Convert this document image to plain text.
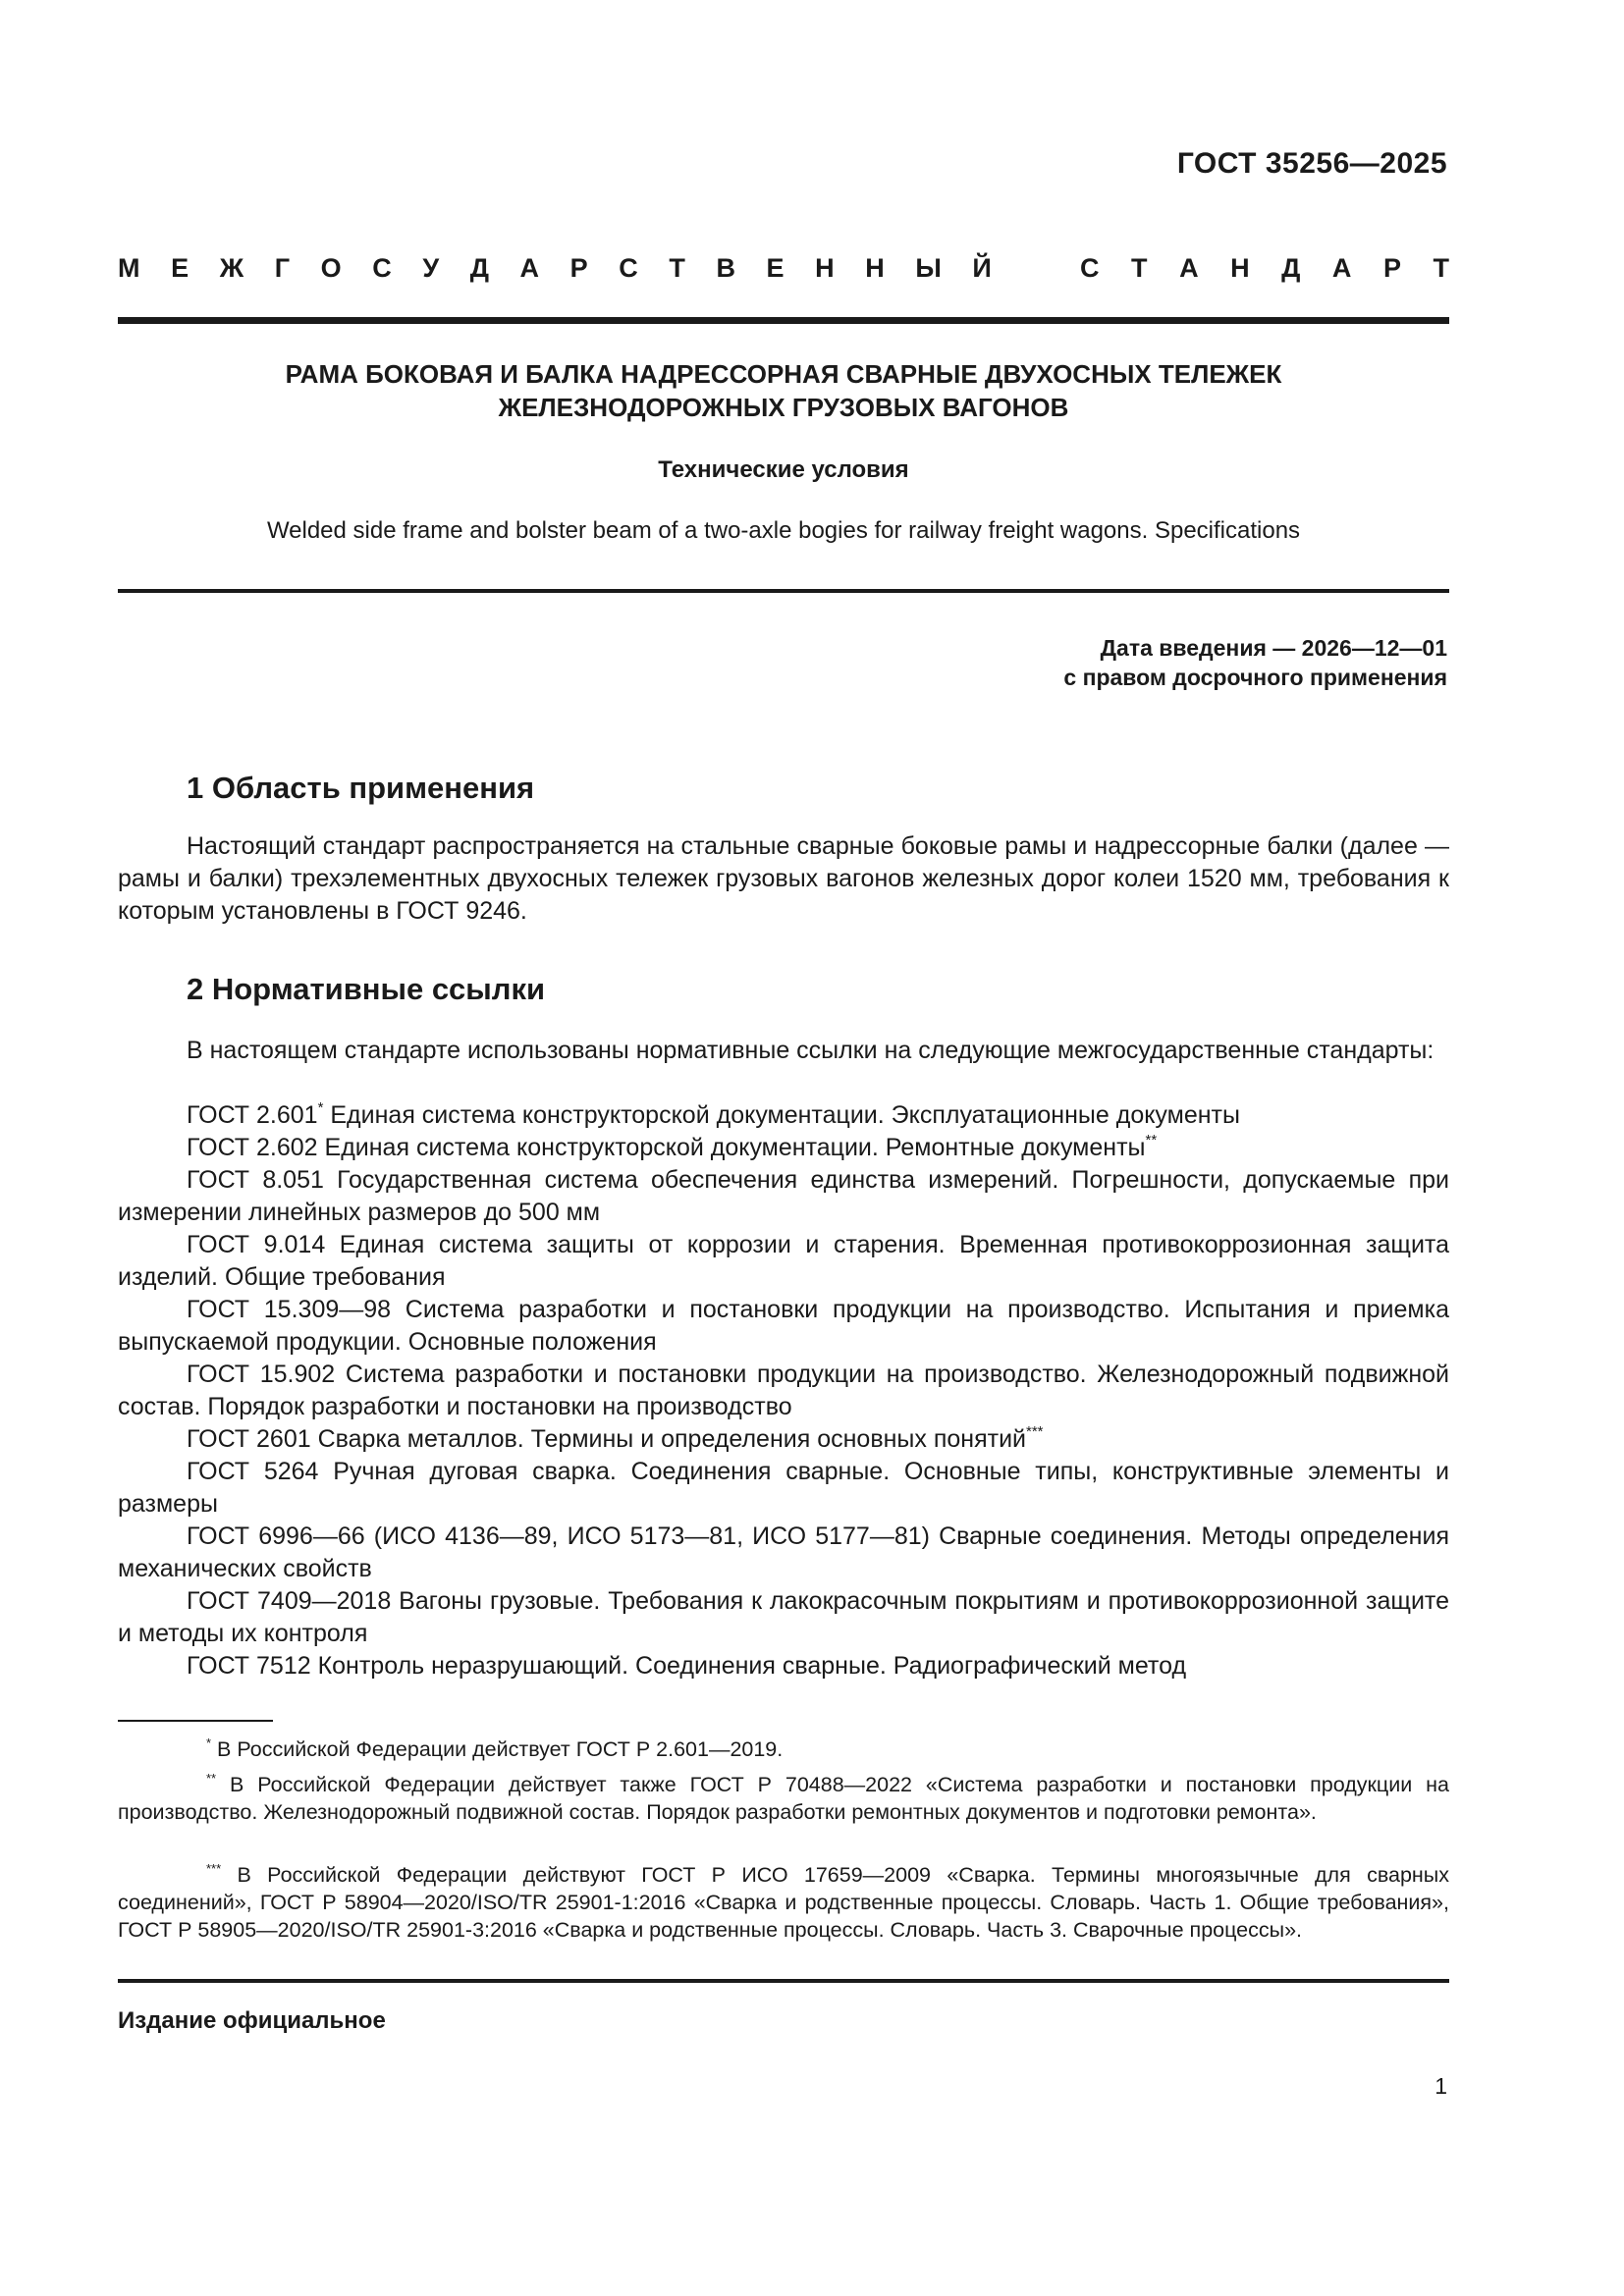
ГОСТ 35256—2025
М Е Ж Г О С У Д А Р С Т В Е Н Н Ы Й	С Т А Н Д А Р Т
РАМА БОКОВАЯ И БАЛКА НАДРЕССОРНАЯ СВАРНЫЕ ДВУХОСНЫХ ТЕЛЕЖЕК
ЖЕЛЕЗНОДОРОЖНЫХ ГРУЗОВЫХ ВАГОНОВ
Технические условия
Welded side frame and bolster beam of a two-axle bogies for railway freight wagons. Specifications
Дата введения — 2026—12—01
с правом досрочного применения
1 Область применения
Настоящий стандарт распространяется на стальные сварные боковые рамы и надрессорные балки (далее — рамы и балки) трехэлементных двухосных тележек грузовых вагонов железных дорог колеи 1520 мм, требования к которым установлены в ГОСТ 9246.
2 Нормативные ссылки
В настоящем стандарте использованы нормативные ссылки на следующие межгосударственные стандарты:
ГОСТ 2.601* Единая система конструкторской документации. Эксплуатационные документы
ГОСТ 2.602 Единая система конструкторской документации. Ремонтные документы**
ГОСТ 8.051 Государственная система обеспечения единства измерений. Погрешности, допускаемые при измерении линейных размеров до 500 мм
ГОСТ 9.014 Единая система защиты от коррозии и старения. Временная противокоррозионная защита изделий. Общие требования
ГОСТ 15.309—98 Система разработки и постановки продукции на производство. Испытания и приемка выпускаемой продукции. Основные положения
ГОСТ 15.902 Система разработки и постановки продукции на производство. Железнодорожный подвижной состав. Порядок разработки и постановки на производство
ГОСТ 2601 Сварка металлов. Термины и определения основных понятий***
ГОСТ 5264 Ручная дуговая сварка. Соединения сварные. Основные типы, конструктивные элементы и размеры
ГОСТ 6996—66 (ИСО 4136—89, ИСО 5173—81, ИСО 5177—81) Сварные соединения. Методы определения механических свойств
ГОСТ 7409—2018 Вагоны грузовые. Требования к лакокрасочным покрытиям и противокоррозионной защите и методы их контроля
ГОСТ 7512 Контроль неразрушающий. Соединения сварные. Радиографический метод
* В Российской Федерации действует ГОСТ Р 2.601—2019.
** В Российской Федерации действует также ГОСТ Р 70488—2022 «Система разработки и постановки продукции на производство. Железнодорожный подвижной состав. Порядок разработки ремонтных документов и подготовки ремонта».
*** В Российской Федерации действуют ГОСТ Р ИСО 17659—2009 «Сварка. Термины многоязычные для сварных соединений», ГОСТ Р 58904—2020/ISO/TR 25901-1:2016 «Сварка и родственные процессы. Словарь. Часть 1. Общие требования», ГОСТ Р 58905—2020/ISO/TR 25901-3:2016 «Сварка и родственные процессы. Словарь. Часть 3. Сварочные процессы».
Издание официальное
1
